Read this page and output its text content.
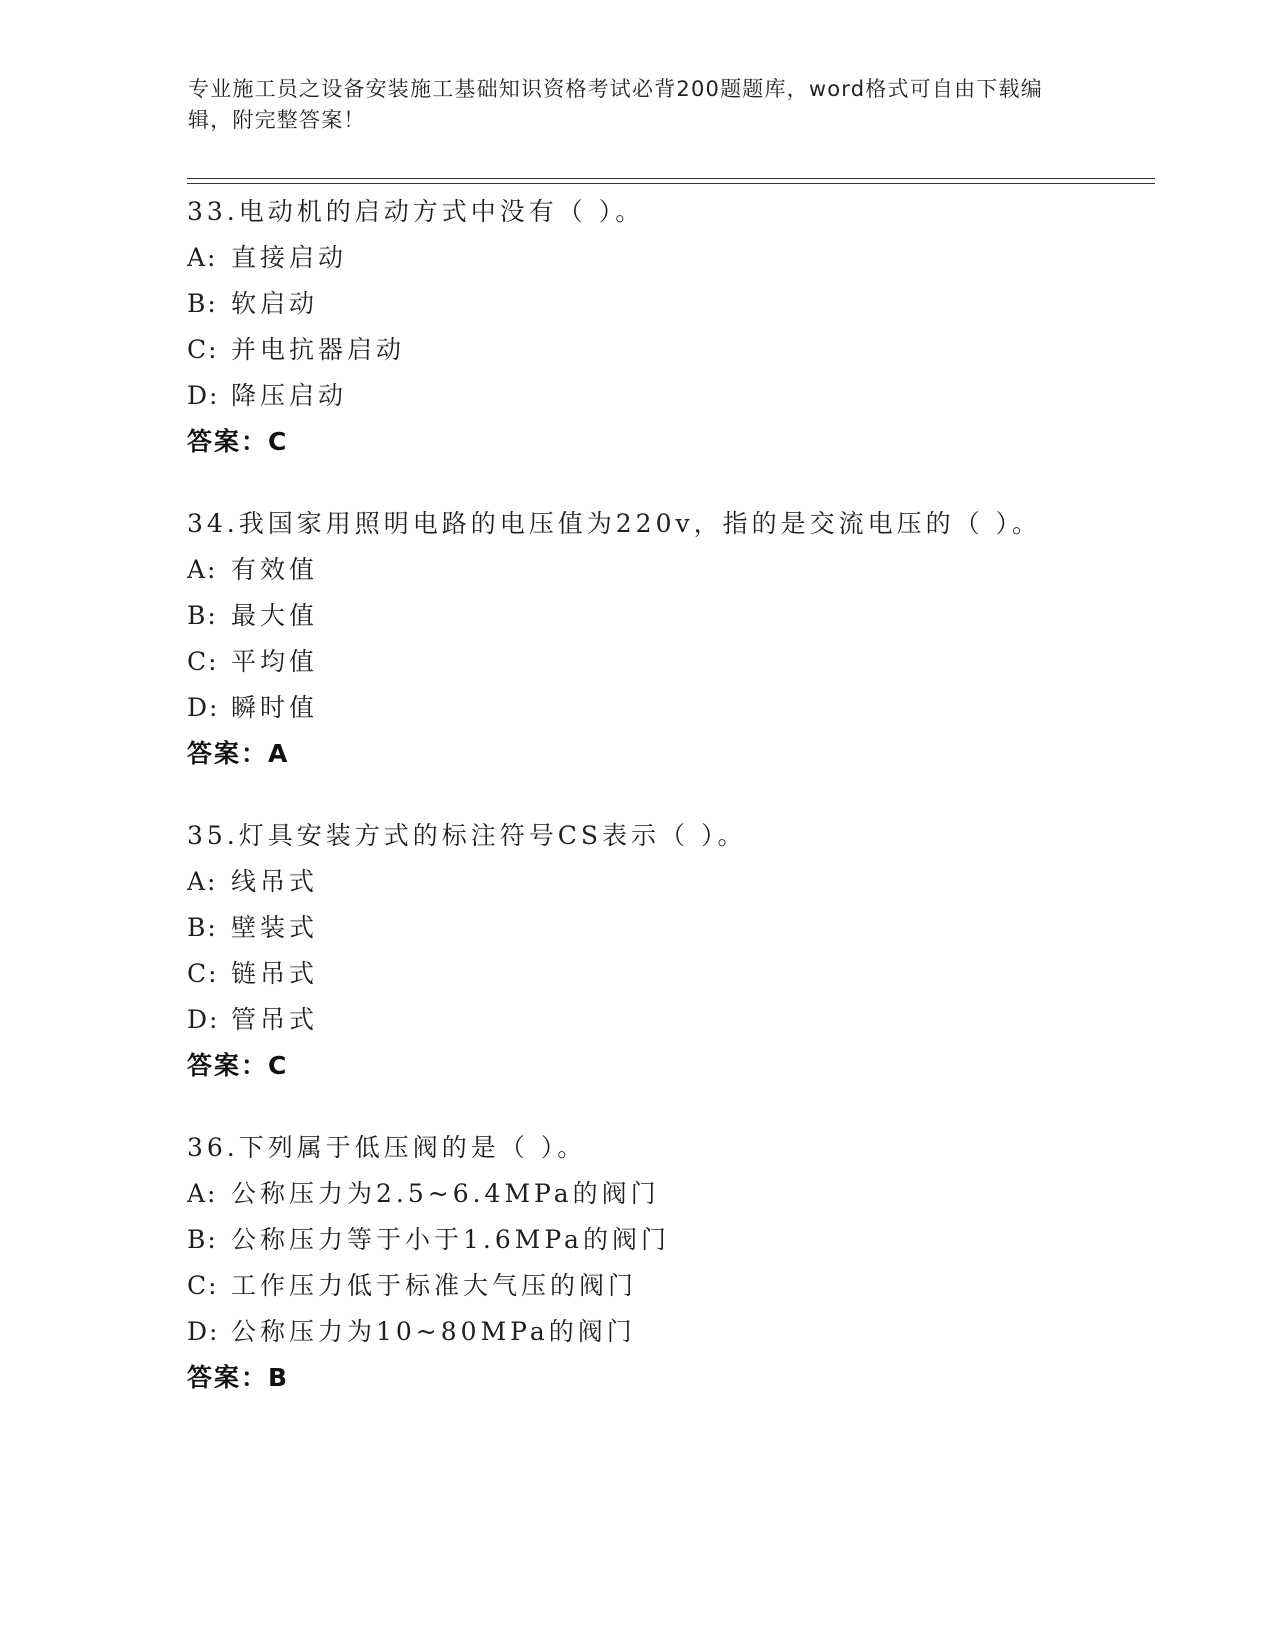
专业施工员之设备安装施工基础知识资格考试必背200题题库，word格式可自由下载编辑，附完整答案！
33.电动机的启动方式中没有（ ）。
A: 直接启动
B: 软启动
C: 并电抗器启动
D: 降压启动
答案：C
34.我国家用照明电路的电压值为220v，指的是交流电压的（ ）。
A: 有效值
B: 最大值
C: 平均值
D: 瞬时值
答案：A
35.灯具安装方式的标注符号CS表示（ ）。
A: 线吊式
B: 壁装式
C: 链吊式
D: 管吊式
答案：C
36.下列属于低压阀的是（ ）。
A: 公称压力为2.5~6.4MPa的阀门
B: 公称压力等于小于1.6MPa的阀门
C: 工作压力低于标准大气压的阀门
D: 公称压力为10~80MPa的阀门
答案：B
